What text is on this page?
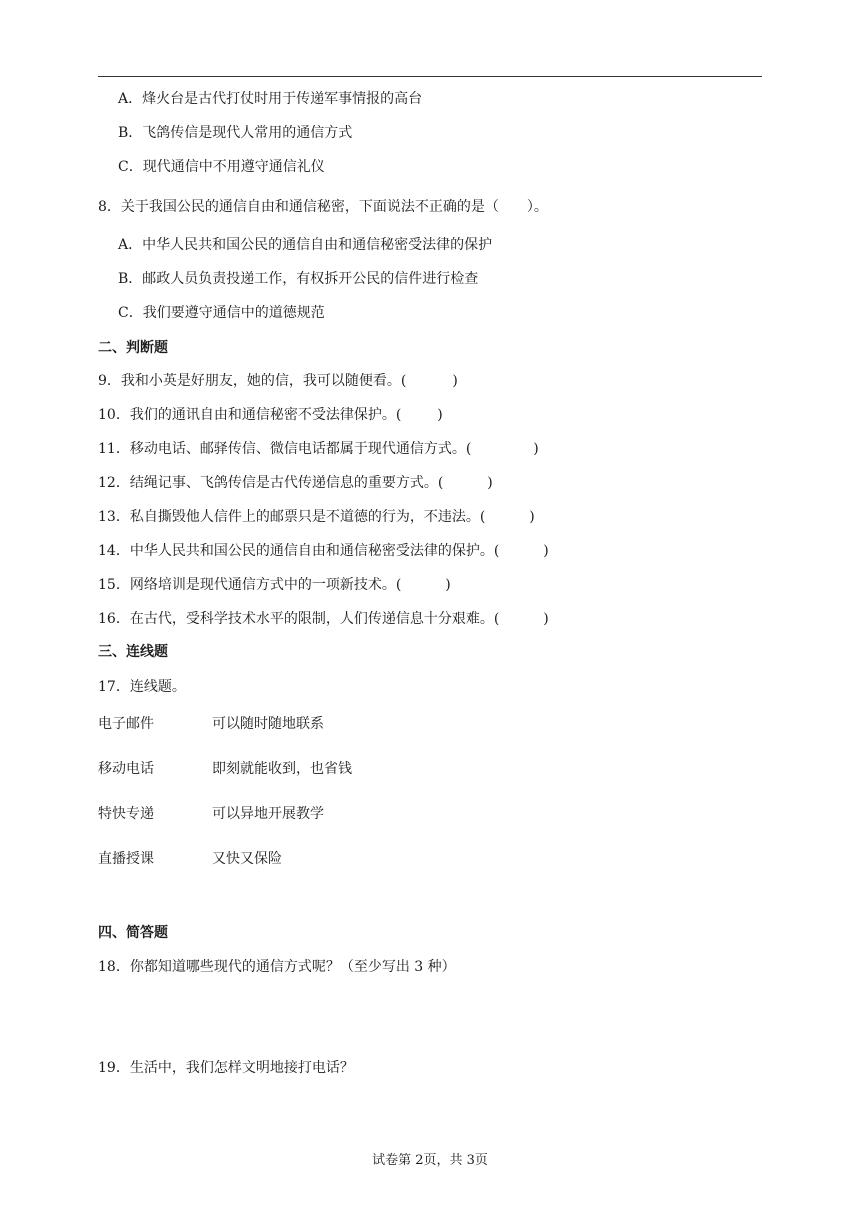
A．烽火台是古代打仗时用于传递军事情报的高台
B．飞鸽传信是现代人常用的通信方式
C．现代通信中不用遵守通信礼仪
8．关于我国公民的通信自由和通信秘密，下面说法不正确的是（　　）。
A．中华人民共和国公民的通信自由和通信秘密受法律的保护
B．邮政人员负责投递工作，有权拆开公民的信件进行检查
C．我们要遵守通信中的道德规范
二、判断题
9．我和小英是好朋友，她的信，我可以随便看。(	)
10．我们的通讯自由和通信秘密不受法律保护。(	)
11．移动电话、邮驿传信、微信电话都属于现代通信方式。(	)
12．结绳记事、飞鸽传信是古代传递信息的重要方式。(	)
13．私自撕毁他人信件上的邮票只是不道德的行为，不违法。(	)
14．中华人民共和国公民的通信自由和通信秘密受法律的保护。(	)
15．网络培训是现代通信方式中的一项新技术。(	)
16．在古代，受科学技术水平的限制，人们传递信息十分艰难。(	)
三、连线题
17．连线题。
电子邮件	可以随时随地联系
移动电话	即刻就能收到，也省钱
特快专递	可以异地开展教学
直播授课	又快又保险
四、简答题
18．你都知道哪些现代的通信方式呢？（至少写出 3 种）
19．生活中，我们怎样文明地接打电话？
试卷第 2页，共 3页
